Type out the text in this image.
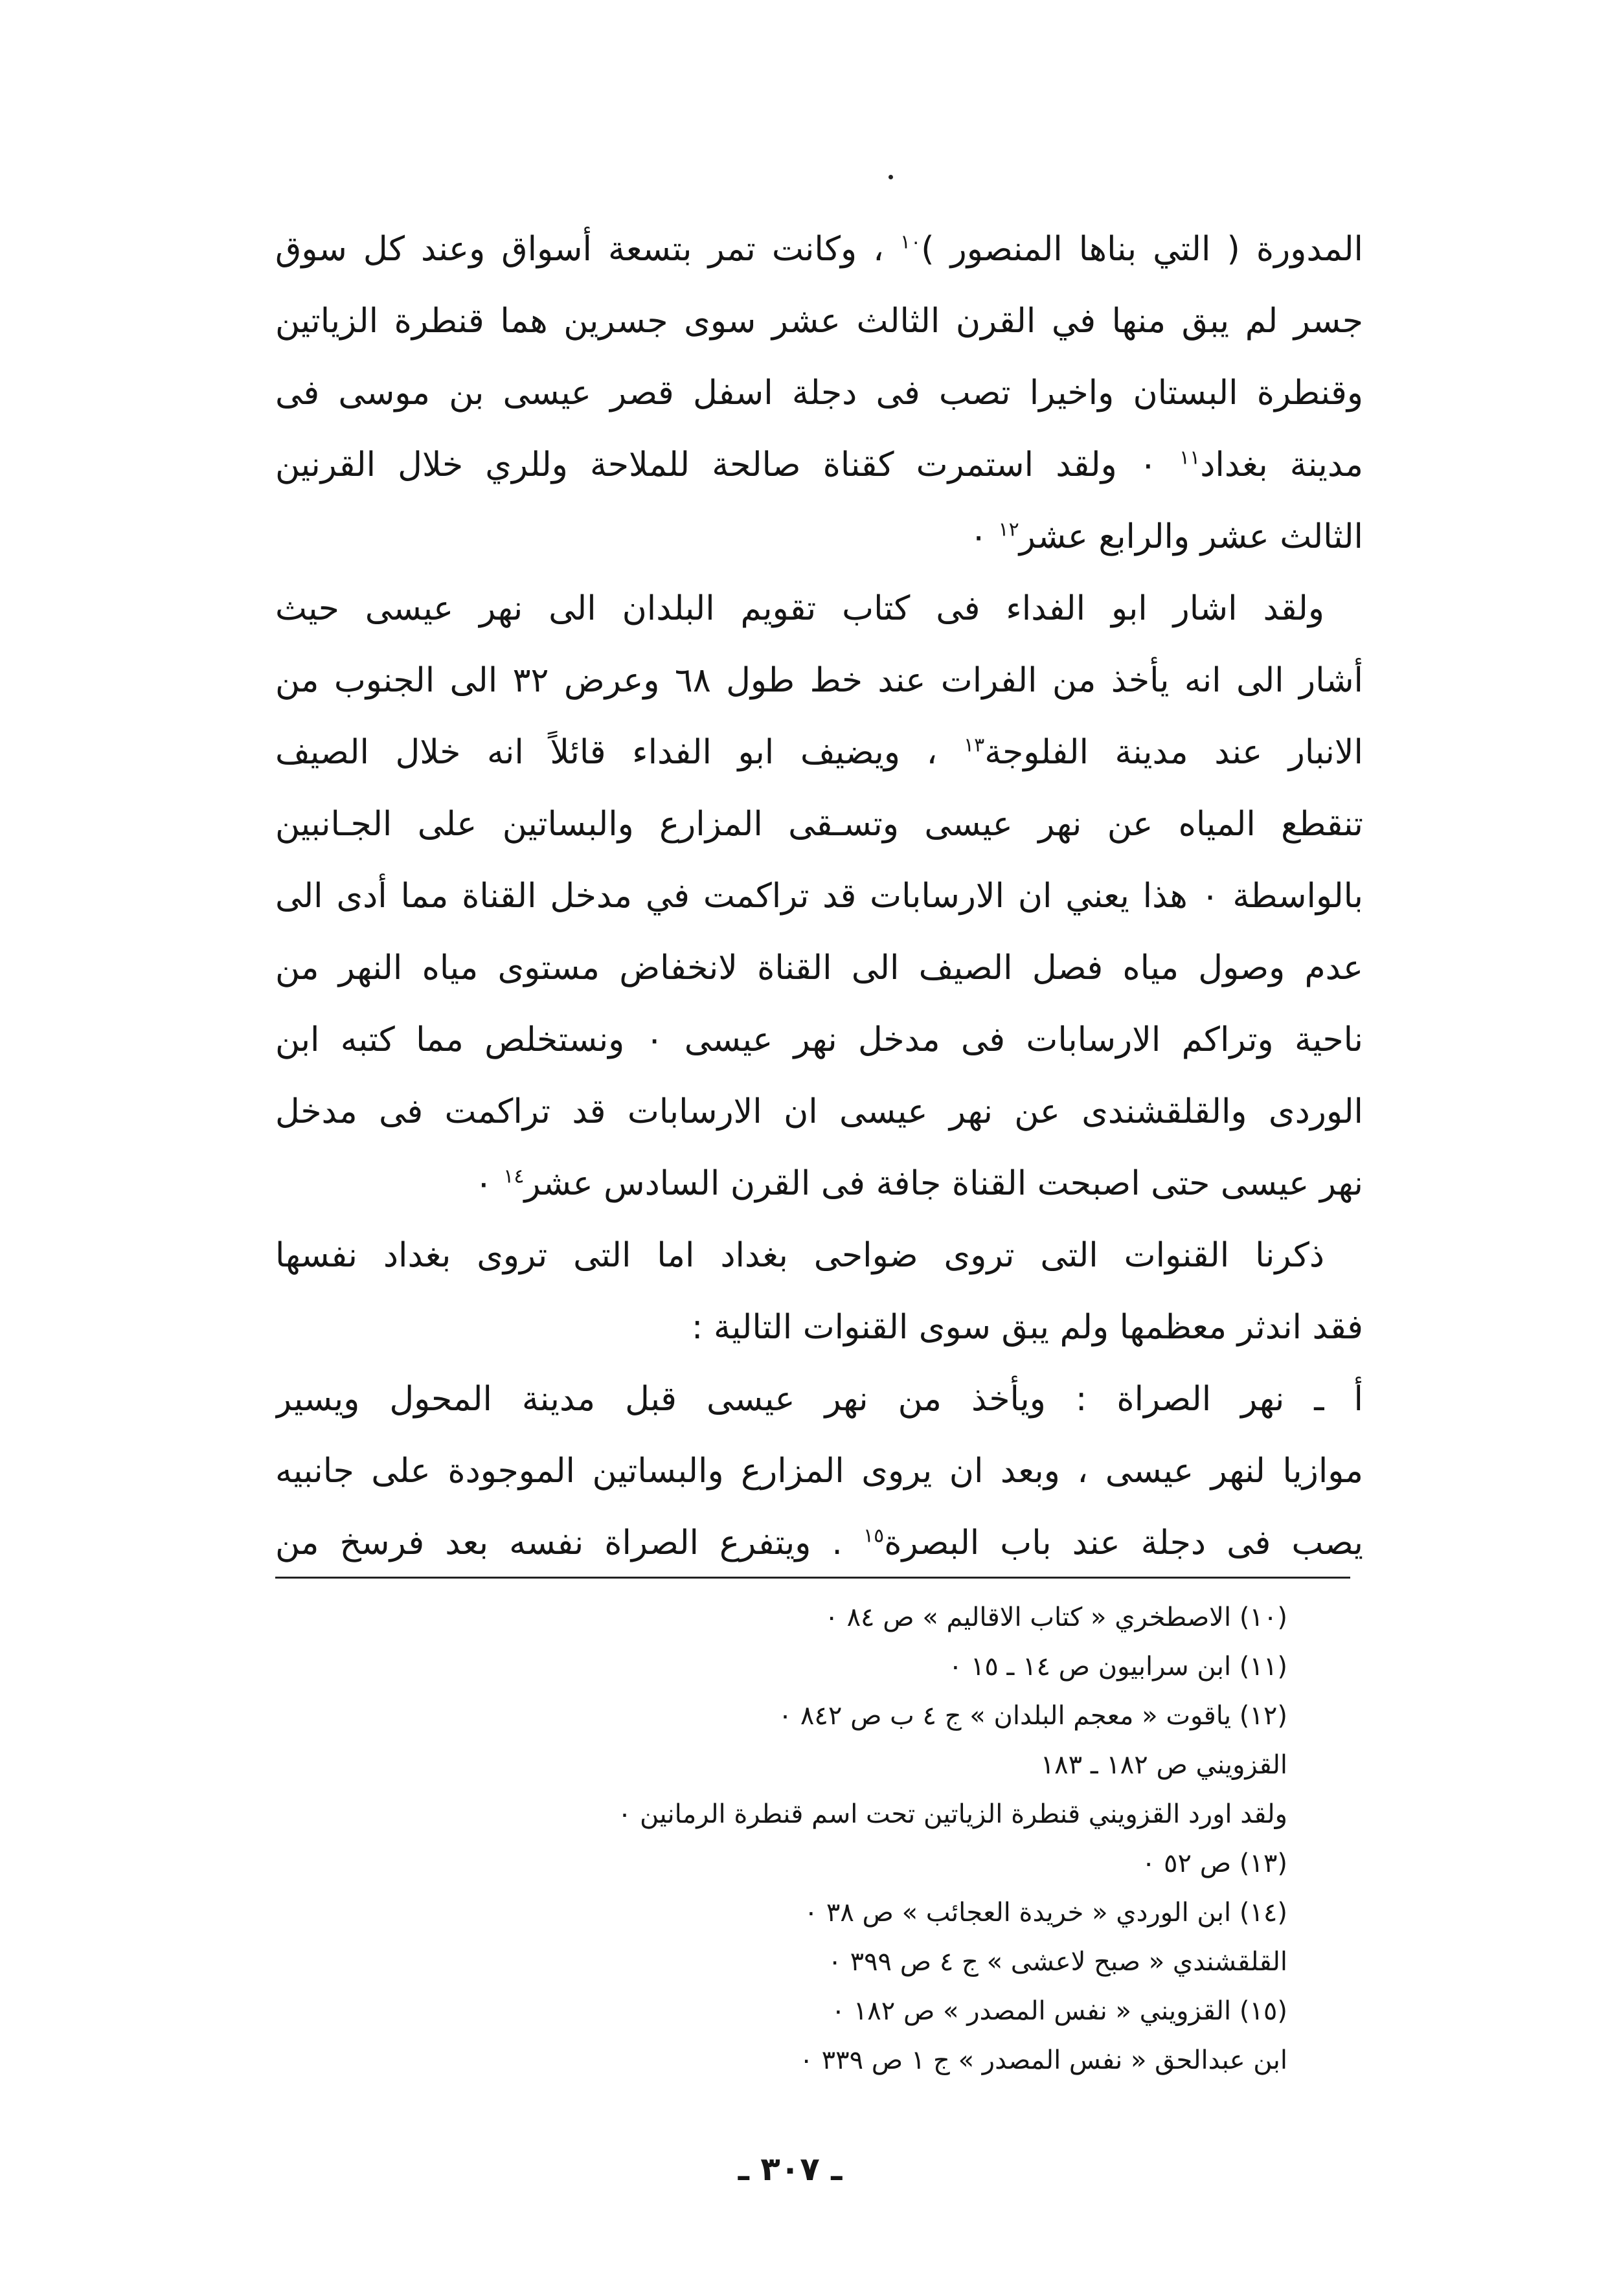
المدورة ( التي بناها المنصور )$^{١٠}$ ، وكانت تمر بتسعة أسواق وعند كل سوق
جسر لم يبق منها في القرن الثالث عشر سوى جسرين هما قنطرة الزياتين
وقنطرة البستان واخيرا تصب فى دجلة اسفل قصر عيسى بن موسى فى
مدينة بغداد$^{١١}$ ٠ ولقد استمرت كقناة صالحة للملاحة وللري خلال القرنين
الثالث عشر والرابع عشر$^{١٢}$ ٠
ولقد اشار ابو الفداء فى كتاب تقويم البلدان الى نهر عيسى حيث
أشار الى انه يأخذ من الفرات عند خط طول ٦٨ وعرض ٣٢ الى الجنوب من
الانبار عند مدينة الفلوجة$^{١٣}$ ، ويضيف ابو الفداء قائلاً انه خلال الصيف
تنقطع المياه عن نهر عيسى وتسـقى المزارع والبساتين على الجـانبين
بالواسطة ٠ هذا يعني ان الارسابات قد تراكمت في مدخل القناة مما أدى الى
عدم وصول مياه فصل الصيف الى القناة لانخفاض مستوى مياه النهر من
ناحية وتراكم الارسابات فى مدخل نهر عيسى ٠ ونستخلص مما كتبه ابن
الوردى والقلقشندى عن نهر عيسى ان الارسابات قد تراكمت فى مدخل
نهر عيسى حتى اصبحت القناة جافة فى القرن السادس عشر$^{١٤}$ ٠
ذكرنا القنوات التى تروى ضواحى بغداد اما التى تروى بغداد نفسها
فقد اندثر معظمها ولم يبق سوى القنوات التالية :
أ ـ نهر الصراة : ويأخذ من نهر عيسى قبل مدينة المحول ويسير
موازيا لنهر عيسى ، وبعد ان يروى المزارع والبساتين الموجودة على جانبيه
يصب فى دجلة عند باب البصرة$^{١٥}$ . ويتفرع الصراة نفسه بعد فرسخ من
(١٠) الاصطخري « كتاب الاقاليم » ص ٨٤ ٠
(١١) ابن سرابيون ص ١٤ ـ ١٥ ٠
(١٢) ياقوت « معجم البلدان » ج ٤ ب ص ٨٤٢ ٠
القزويني ص ١٨٢ ـ ١٨٣
ولقد اورد القزويني قنطرة الزياتين تحت اسم قنطرة الرمانين ٠
(١٣) ص ٥٢ ٠
(١٤) ابن الوردي « خريدة العجائب » ص ٣٨ ٠
القلقشندي « صبح لاعشى » ج ٤ ص ٣٩٩ ٠
(١٥) القزويني « نفس المصدر » ص ١٨٢ ٠
ابن عبدالحق « نفس المصدر » ج ١ ص ٣٣٩ ٠
ـ ٣٠٧ ـ
